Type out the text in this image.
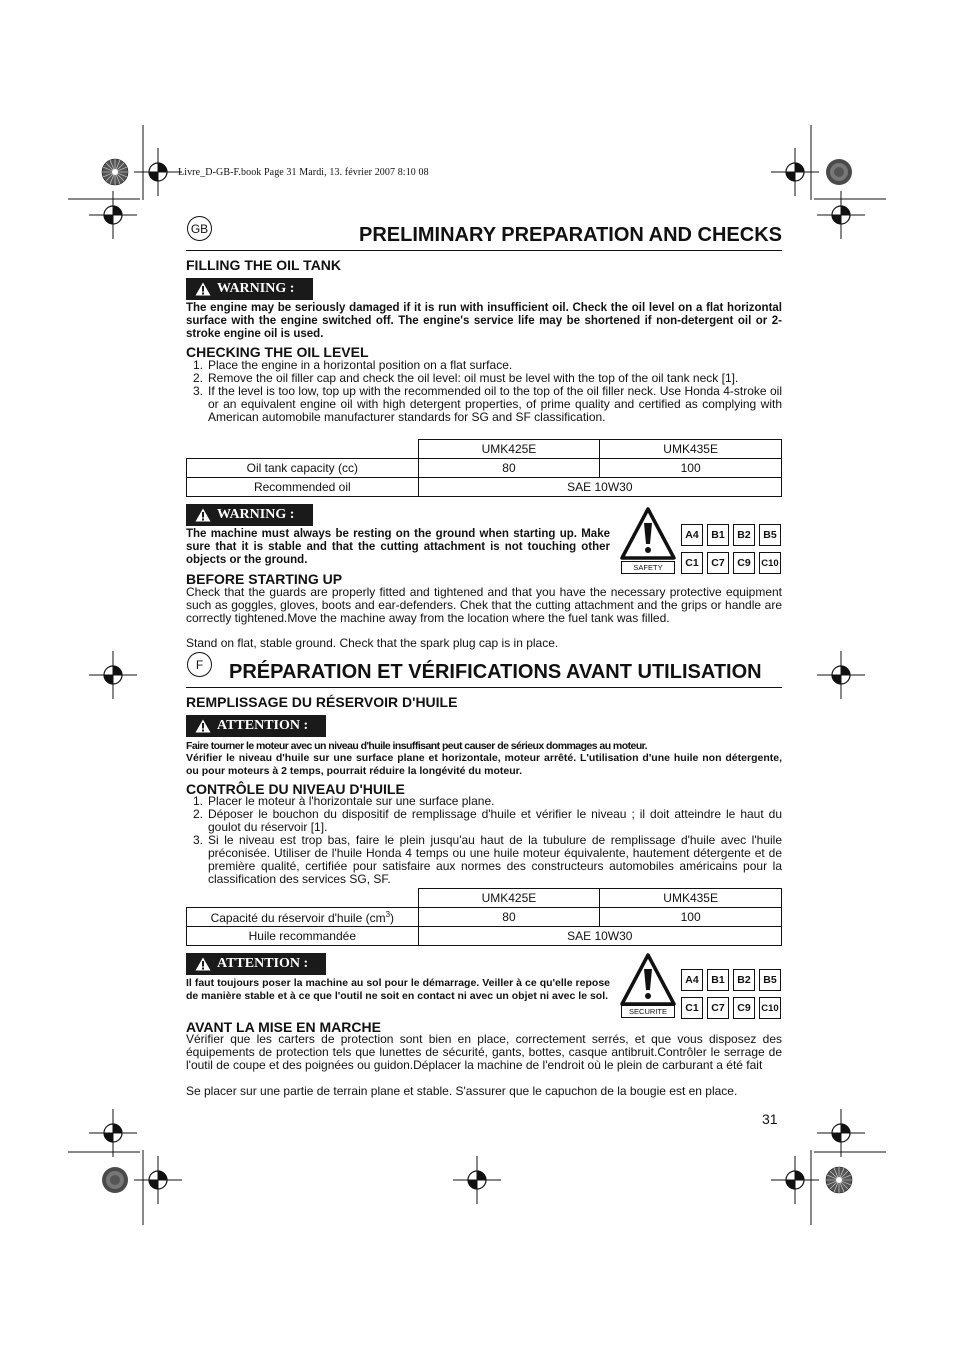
Livre_D-GB-F.book Page 31 Mardi, 13. février 2007 8:10 08
GB	PRELIMINARY PREPARATION AND CHECKS
FILLING THE OIL TANK
WARNING :
The engine may be seriously damaged if it is run with insufficient oil. Check the oil level on a flat horizontal surface with the engine switched off. The engine's service life may be shortened if non-detergent oil or 2-stroke engine oil is used.
CHECKING THE OIL LEVEL
1. Place the engine in a horizontal position on a flat surface.
2. Remove the oil filler cap and check the oil level: oil must be level with the top of the oil tank neck [1].
3. If the level is too low, top up with the recommended oil to the top of the oil filler neck. Use Honda 4-stroke oil or an equivalent engine oil with high detergent properties, of prime quality and certified as complying with American automobile manufacturer standards for SG and SF classification.
	UMK425E	UMK435E
Oil tank capacity (cc)	80	100
Recommended oil	SAE 10W30	
WARNING :
The machine must always be resting on the ground when starting up. Make sure that it is stable and that the cutting attachment is not touching other objects or the ground.
SAFETY
A4	B1	B2	B5
C1	C7	C9	C10
BEFORE STARTING UP
Check that the guards are properly fitted and tightened and that you have the necessary protective equipment such as goggles, gloves, boots and ear-defenders. Chek that the cutting attachment and the grips or handle are correctly tightened.Move the machine away from the location where the fuel tank was filled.
Stand on flat, stable ground. Check that the spark plug cap is in place.
F	PRÉPARATION ET VÉRIFICATIONS AVANT UTILISATION
REMPLISSAGE DU RÉSERVOIR D'HUILE
ATTENTION :
Faire tourner le moteur avec un niveau d'huile insuffisant peut causer de sérieux dommages au moteur.
Vérifier le niveau d'huile sur une surface plane et horizontale, moteur arrêté. L'utilisation d'une huile non détergente, ou pour moteurs à 2 temps, pourrait réduire la longévité du moteur.
CONTRÔLE DU NIVEAU D'HUILE
1. Placer le moteur à l'horizontale sur une surface plane.
2. Déposer le bouchon du dispositif de remplissage d'huile et vérifier le niveau ; il doit atteindre le haut du goulot du réservoir [1].
3. Si le niveau est trop bas, faire le plein jusqu'au haut de la tubulure de remplissage d'huile avec l'huile préconisée. Utiliser de l'huile Honda 4 temps ou une huile moteur équivalente, hautement détergente et de première qualité, certifiée pour satisfaire aux normes des constructeurs automobiles américains pour la classification des services SG, SF.
	UMK425E	UMK435E
Capacité du réservoir d'huile $(cm^3)$	80	100
Huile recommandée	SAE 10W30	
ATTENTION :
Il faut toujours poser la machine au sol pour le démarrage. Veiller à ce qu'elle repose de manière stable et à ce que l'outil ne soit en contact ni avec un objet ni avec le sol.
SECURITE
A4	B1	B2	B5
C1	C7	C9	C10
AVANT LA MISE EN MARCHE
Vérifier que les carters de protection sont bien en place, correctement serrés, et que vous disposez des équipements de protection tels que lunettes de sécurité, gants, bottes, casque antibruit.Contrôler le serrage de l'outil de coupe et des poignées ou guidon.Déplacer la machine de l'endroit où le plein de carburant a été fait
Se placer sur une partie de terrain plane et stable. S'assurer que le capuchon de la bougie est en place.
31
